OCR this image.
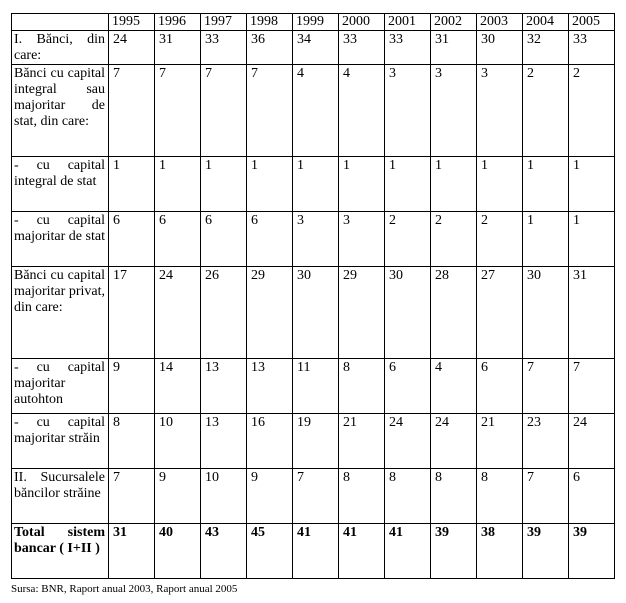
	1995	1996	1997	1998	1999	2000	2001	2002	2003	2004	2005
I. Bănci, din care:	24	31	33	36	34	33	33	31	30	32	33
Bănci cu capital integral sau majoritar de stat, din care:	7	7	7	7	4	4	3	3	3	2	2
- cu capital integral de stat	1	1	1	1	1	1	1	1	1	1	1
- cu capital majoritar de stat	6	6	6	6	3	3	2	2	2	1	1
Bănci cu capital majoritar privat, din care:	17	24	26	29	30	29	30	28	27	30	31
- cu capital majoritar autohton	9	14	13	13	11	8	6	4	6	7	7
- cu capital majoritar străin	8	10	13	16	19	21	24	24	21	23	24
II. Sucursalele băncilor străine	7	9	10	9	7	8	8	8	8	7	6
Total sistem bancar ( I+II )	31	40	43	45	41	41	41	39	38	39	39
Sursa: BNR, Raport anual 2003, Raport anual 2005
